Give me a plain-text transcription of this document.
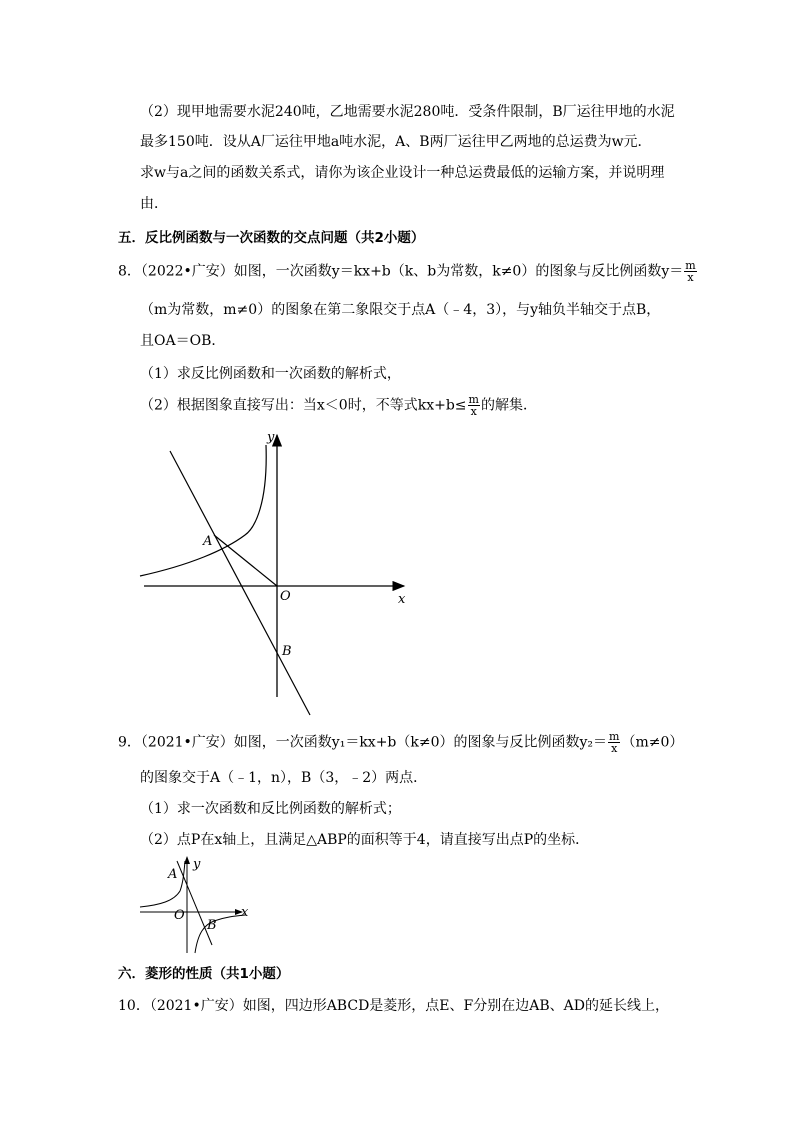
（2）现甲地需要水泥240吨，乙地需要水泥280吨．受条件限制，B厂运往甲地的水泥
最多150吨．设从A厂运往甲地a吨水泥，A、B两厂运往甲乙两地的总运费为w元．
求w与a之间的函数关系式，请你为该企业设计一种总运费最低的运输方案，并说明理
由．
五．反比例函数与一次函数的交点问题（共2小题）
8．（2022•广安）如图，一次函数y＝kx+b（k、b为常数，k≠0）的图象与反比例函数$y= \frac{m}{x}$
（m为常数，m≠0）的图象在第二象限交于点A（﹣4，3），与y轴负半轴交于点B，
且OA＝OB．
（1）求反比例函数和一次函数的解析式，
（2）根据图象直接写出：当x＜0时，不等式$kx+b\le \frac{m}{x}$ 的解集．
y
x
A
O
B
9．（2021•广安）如图，一次函数y₁＝kx+b（k≠0）的图象与反比例函数$y_2= \frac{m}{x} (m\ne 0)$
的图象交于A（﹣1，n），B（3，﹣2）两点．
（1）求一次函数和反比例函数的解析式；
（2）点P在x轴上，且满足△ABP的面积等于4，请直接写出点P的坐标．
y
x
A
O
B
六．菱形的性质（共1小题）
10．（2021•广安）如图，四边形ABCD是菱形，点E、F分别在边AB、AD的延长线上，
